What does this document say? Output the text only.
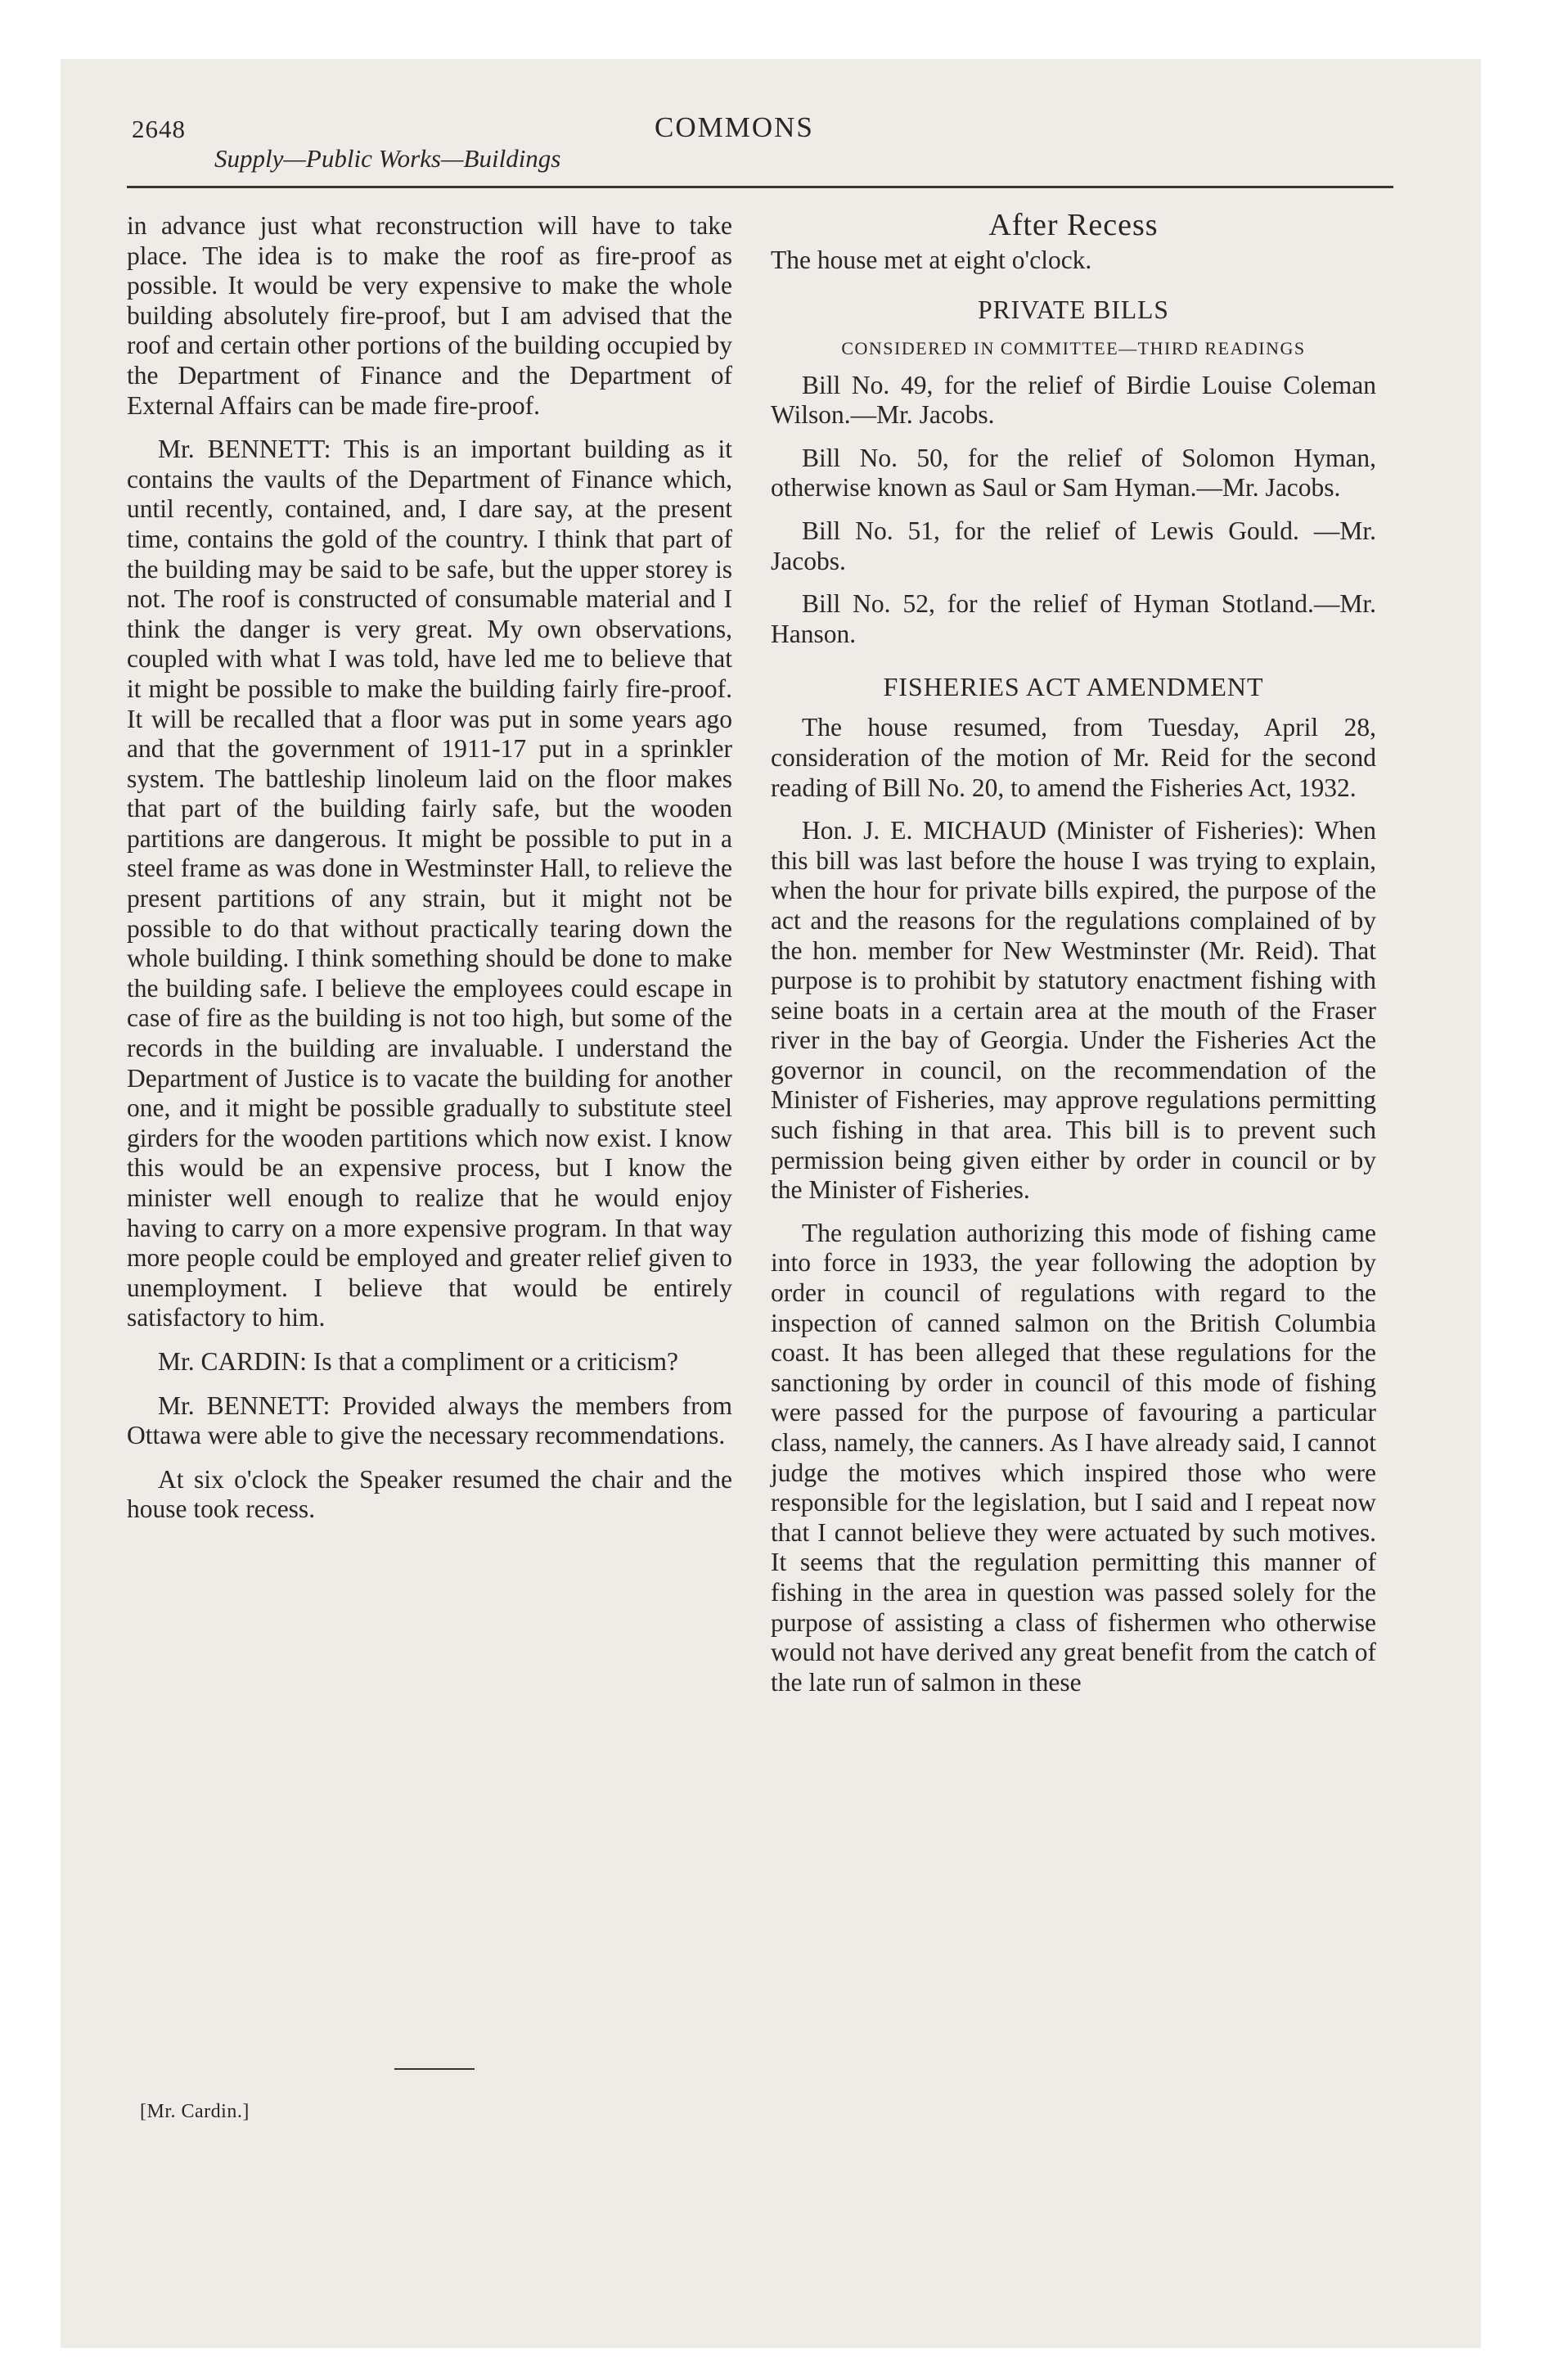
2648	COMMONS
Supply—Public Works—Buildings

in advance just what reconstruction will have to take place. The idea is to make the roof as fire-proof as possible. It would be very expensive to make the whole building absolutely fire-proof, but I am advised that the roof and certain other portions of the building occupied by the Department of Finance and the Department of External Affairs can be made fire-proof.

Mr. BENNETT: This is an important building as it contains the vaults of the Department of Finance which, until recently, contained, and, I dare say, at the present time, contains the gold of the country. I think that part of the building may be said to be safe, but the upper storey is not. The roof is constructed of consumable material and I think the danger is very great. My own observations, coupled with what I was told, have led me to believe that it might be possible to make the building fairly fire-proof. It will be recalled that a floor was put in some years ago and that the government of 1911-17 put in a sprinkler system. The battleship linoleum laid on the floor makes that part of the building fairly safe, but the wooden partitions are dangerous. It might be possible to put in a steel frame as was done in Westminster Hall, to relieve the present partitions of any strain, but it might not be possible to do that without practically tearing down the whole building. I think something should be done to make the building safe. I believe the employees could escape in case of fire as the building is not too high, but some of the records in the building are invaluable. I understand the Department of Justice is to vacate the building for another one, and it might be possible gradually to substitute steel girders for the wooden partitions which now exist. I know this would be an expensive process, but I know the minister well enough to realize that he would enjoy having to carry on a more expensive program. In that way more people could be employed and greater relief given to unemployment. I believe that would be entirely satisfactory to him.

Mr. CARDIN: Is that a compliment or a criticism?

Mr. BENNETT: Provided always the members from Ottawa were able to give the necessary recommendations.

At six o'clock the Speaker resumed the chair and the house took recess.

[Mr. Cardin.]
After Recess

The house met at eight o'clock.

PRIVATE BILLS
CONSIDERED IN COMMITTEE—THIRD READINGS

Bill No. 49, for the relief of Birdie Louise Coleman Wilson.—Mr. Jacobs.

Bill No. 50, for the relief of Solomon Hyman, otherwise known as Saul or Sam Hyman.—Mr. Jacobs.

Bill No. 51, for the relief of Lewis Gould. —Mr. Jacobs.

Bill No. 52, for the relief of Hyman Stotland.—Mr. Hanson.

FISHERIES ACT AMENDMENT

The house resumed, from Tuesday, April 28, consideration of the motion of Mr. Reid for the second reading of Bill No. 20, to amend the Fisheries Act, 1932.

Hon. J. E. MICHAUD (Minister of Fisheries): When this bill was last before the house I was trying to explain, when the hour for private bills expired, the purpose of the act and the reasons for the regulations complained of by the hon. member for New Westminster (Mr. Reid). That purpose is to prohibit by statutory enactment fishing with seine boats in a certain area at the mouth of the Fraser river in the bay of Georgia. Under the Fisheries Act the governor in council, on the recommendation of the Minister of Fisheries, may approve regulations permitting such fishing in that area. This bill is to prevent such permission being given either by order in council or by the Minister of Fisheries.

The regulation authorizing this mode of fishing came into force in 1933, the year following the adoption by order in council of regulations with regard to the inspection of canned salmon on the British Columbia coast. It has been alleged that these regulations for the sanctioning by order in council of this mode of fishing were passed for the purpose of favouring a particular class, namely, the canners. As I have already said, I cannot judge the motives which inspired those who were responsible for the legislation, but I said and I repeat now that I cannot believe they were actuated by such motives. It seems that the regulation permitting this manner of fishing in the area in question was passed solely for the purpose of assisting a class of fishermen who otherwise would not have derived any great benefit from the catch of the late run of salmon in these
